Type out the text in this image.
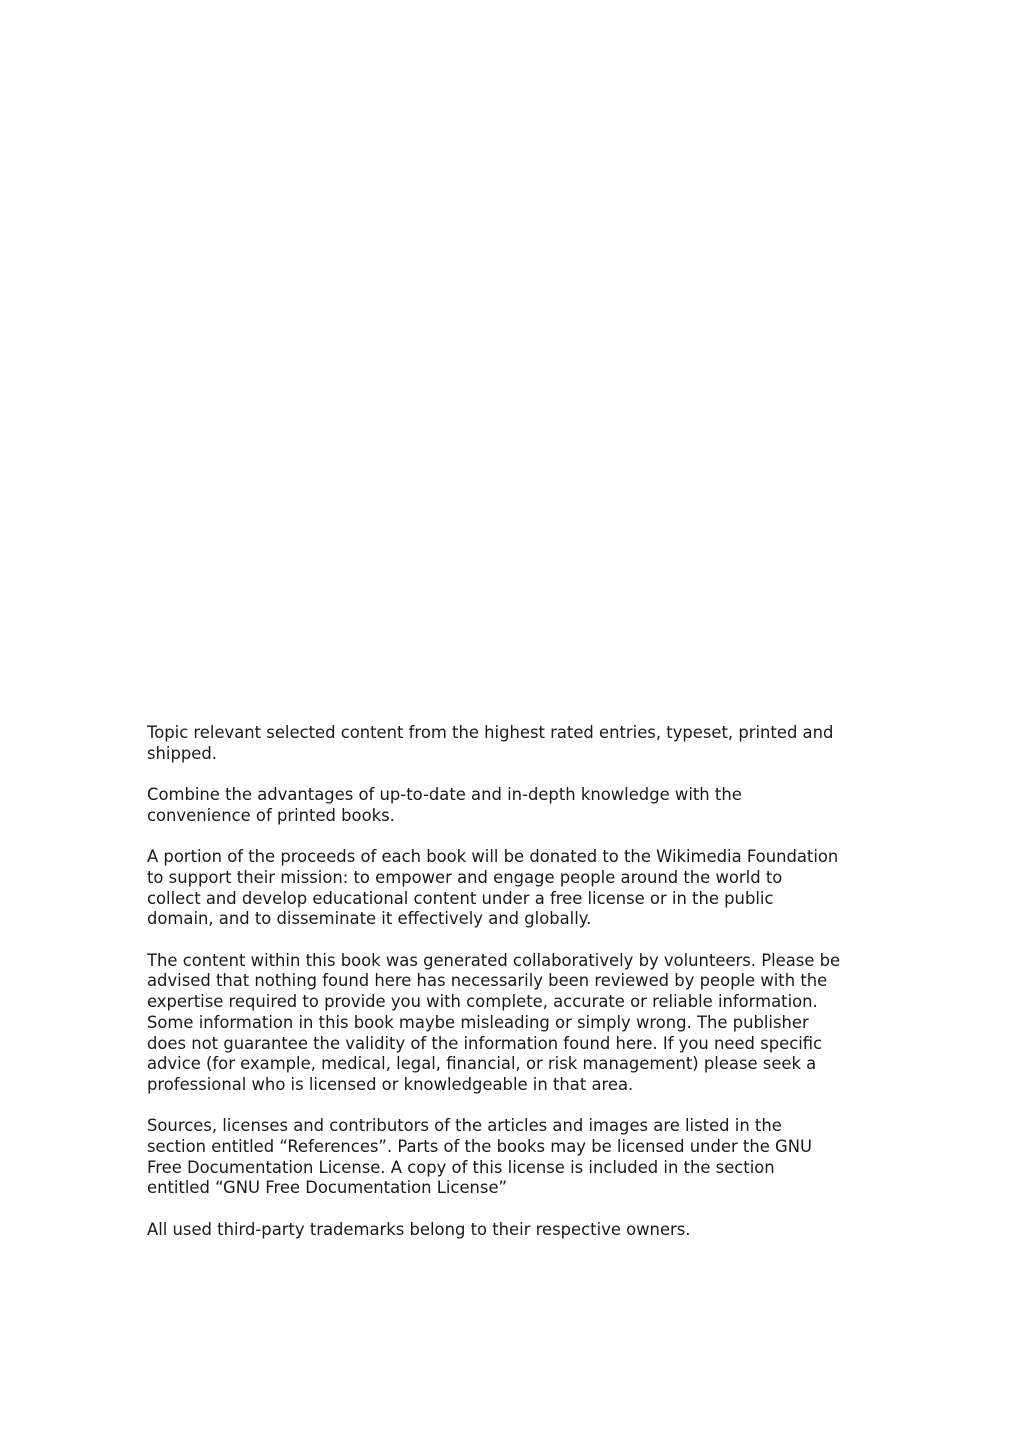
Topic relevant selected content from the highest rated entries, typeset, printed and
shipped.

Combine the advantages of up-to-date and in-depth knowledge with the
convenience of printed books.

A portion of the proceeds of each book will be donated to the Wikimedia Foundation
to support their mission: to empower and engage people around the world to
collect and develop educational content under a free license or in the public
domain, and to disseminate it effectively and globally.

The content within this book was generated collaboratively by volunteers. Please be
advised that nothing found here has necessarily been reviewed by people with the
expertise required to provide you with complete, accurate or reliable information.
Some information in this book maybe misleading or simply wrong. The publisher
does not guarantee the validity of the information found here. If you need specific
advice (for example, medical, legal, financial, or risk management) please seek a
professional who is licensed or knowledgeable in that area.

Sources, licenses and contributors of the articles and images are listed in the
section entitled “References”. Parts of the books may be licensed under the GNU
Free Documentation License. A copy of this license is included in the section
entitled “GNU Free Documentation License”

All used third-party trademarks belong to their respective owners.
